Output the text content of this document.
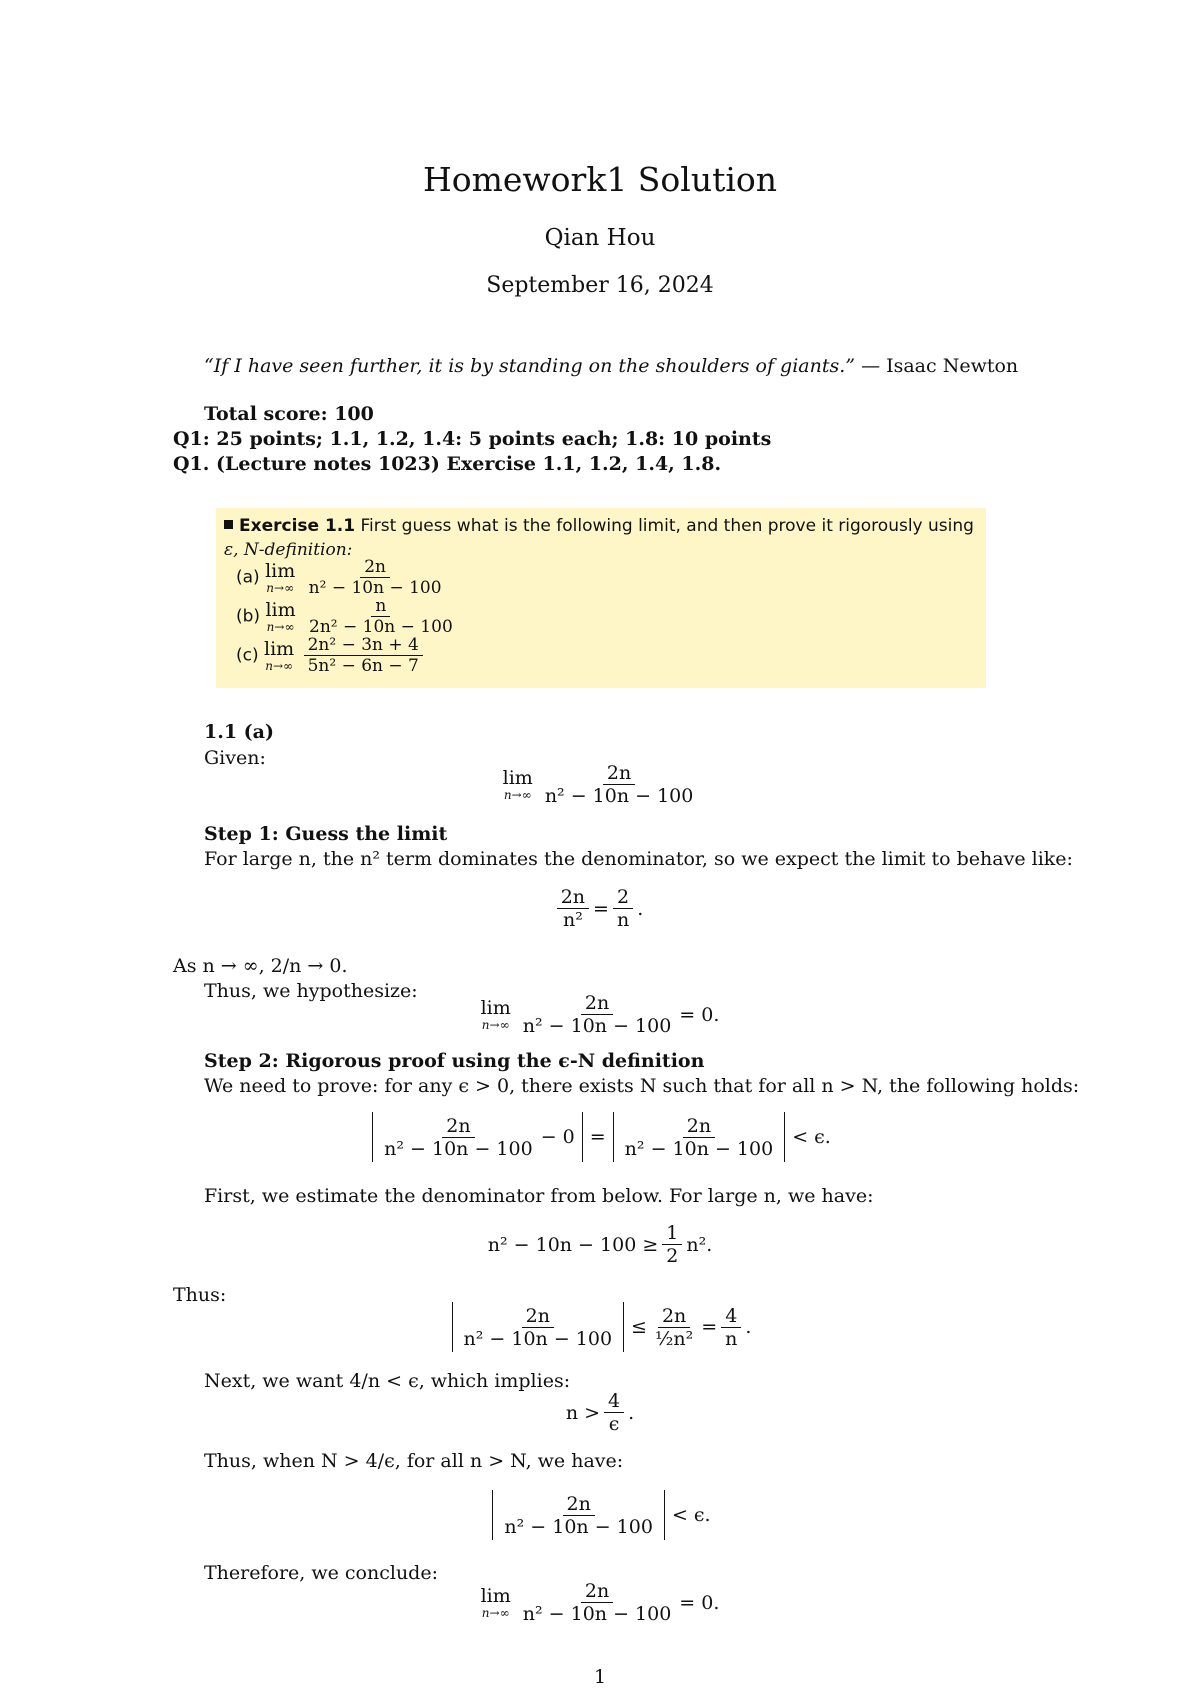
Homework1 Solution
Qian Hou
September 16, 2024
“If I have seen further, it is by standing on the shoulders of giants.” — Isaac Newton
Total score: 100
Q1: 25 points; 1.1, 1.2, 1.4: 5 points each; 1.8: 10 points
Q1. (Lecture notes 1023) Exercise 1.1, 1.2, 1.4, 1.8.
Exercise 1.1 First guess what is the following limit, and then prove it rigorously using
ε, N-definition:
(a) lim
n→∞
$\frac{2n}{\text{n² − 10n − 100}}$
(b) lim
n→∞
$\frac{n}{\text{2n² − 10n − 100}}$
(c) lim
n→∞
$\frac{\text{2n² − 3n + 4}}{\text{5n² − 6n − 7}}$
1.1 (a)
Given:
lim
$n\to\infty \frac{2n}{\text{n² − 10n − 100}}$
Step 1: Guess the limit
For large n, the n² term dominates the denominator, so we expect the limit to behave like:
$\frac{2n}{\text{n²}} = \frac{2}{n}$ .
As n → ∞, 2/n → 0.
Thus, we hypothesize:
lim
$n\to\infty \frac{2n}{\text{n² − 10n − 100}} = 0$.
Step 2: Rigorous proof using the ϵ-N definition
We need to prove: for any ϵ > 0, there exists N such that for all n > N, the following holds:
$\frac{2n}{\text{n² − 10n − 100}} - 0 = \frac{2n}{\text{n² − 10n − 100}} < \epsilon$.
First, we estimate the denominator from below. For large n, we have:
$n^2 - 10n - 100 \ge \frac{1}{2} n^2$.
Thus:
$\frac{2n}{\text{n² − 10n − 100}} \le \frac{2n}{\text{½n²}} = \frac{4}{n}$ .
Next, we want 4/n < ϵ, which implies:
$n > \frac{4}{\epsilon}$ .
Thus, when N > 4/ϵ, for all n > N, we have:
$\frac{2n}{\text{n² − 10n − 100}} < \epsilon$.
Therefore, we conclude:
lim
$n\to\infty \frac{2n}{\text{n² − 10n − 100}} = 0$.
1
